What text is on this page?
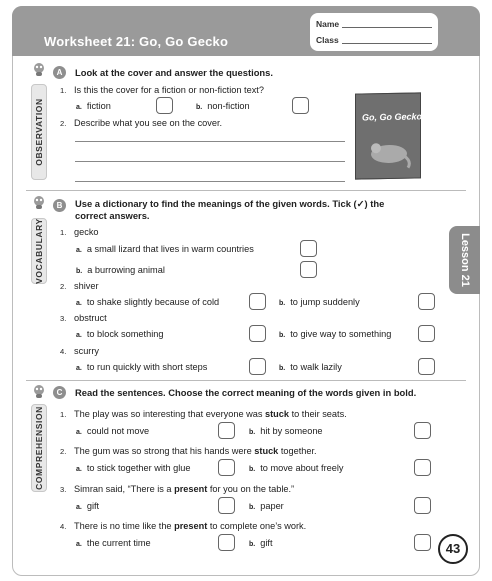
Worksheet 21: Go, Go Gecko
Name
Class
Lesson 21
A
OBSERVATION
Look at the cover and answer the questions.
1. Is this the cover for a fiction or non-fiction text?
a. fiction	b. non-fiction
2. Describe what you see on the cover.
Go, Go Gecko
B
VOCABULARY
Use a dictionary to find the meanings of the given words. Tick (✓) the correct answers.
1. gecko
a. a small lizard that lives in warm countries
b. a burrowing animal
2. shiver
a. to shake slightly because of cold	b. to jump suddenly
3. obstruct
a. to block something	b. to give way to something
4. scurry
a. to run quickly with short steps	b. to walk lazily
C
COMPREHENSION
Read the sentences. Choose the correct meaning of the words given in bold.
1. The play was so interesting that everyone was stuck to their seats.
a. could not move	b. hit by someone
2. The gum was so strong that his hands were stuck together.
a. to stick together with glue	b. to move about freely
3. Simran said, “There is a present for you on the table.”
a. gift	b. paper
4. There is no time like the present to complete one’s work.
a. the current time	b. gift	43
